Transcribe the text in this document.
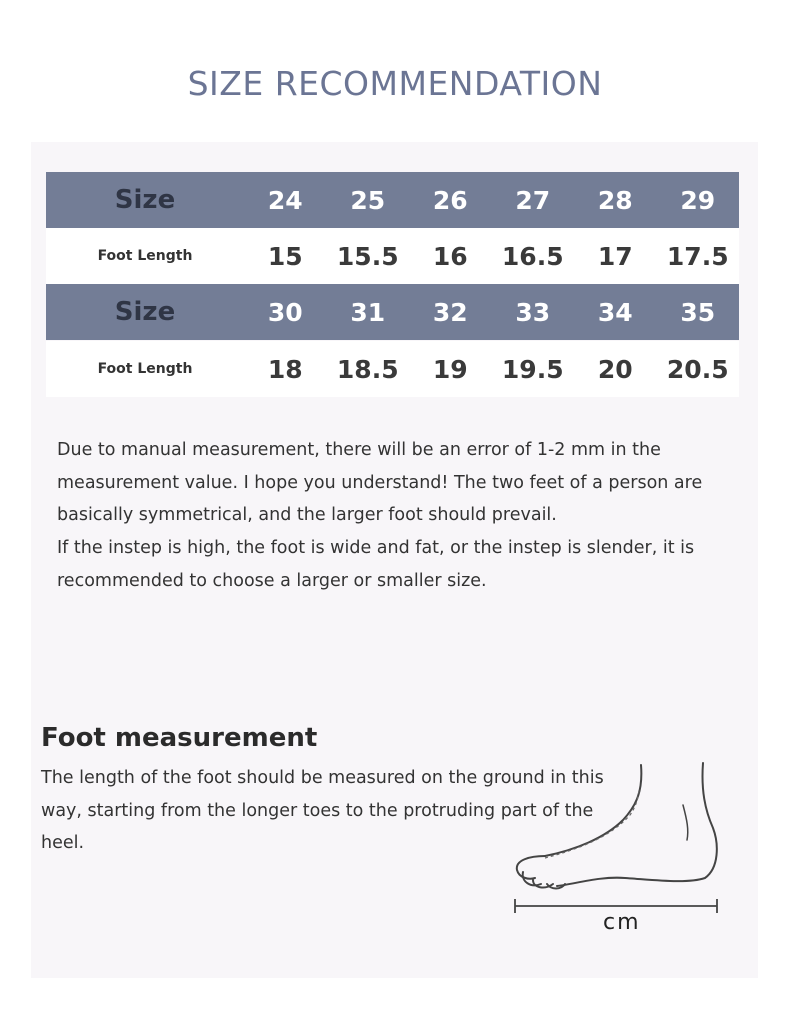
SIZE RECOMMENDATION
Size	24	25	26	27	28	29
Foot Length	15	15.5	16	16.5	17	17.5
Size	30	31	32	33	34	35
Foot Length	18	18.5	19	19.5	20	20.5

Due to manual measurement, there will be an error of 1-2 mm in the measurement value. I hope you understand! The two feet of a person are basically symmetrical, and the larger foot should prevail.

If the instep is high, the foot is wide and fat, or the instep is slender, it is recommended to choose a larger or smaller size.

Foot measurement
The length of the foot should be measured on the ground in this way, starting from the longer toes to the protruding part of the heel.
cm
